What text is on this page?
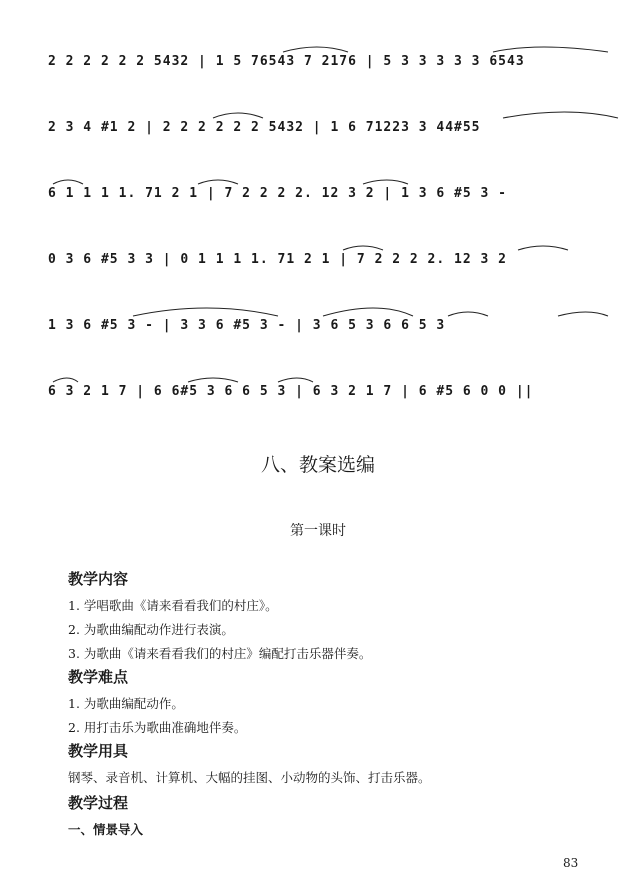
2 2 2 2 2 2 5432 | 1 5 76543 7 2176 | 5 3 3 3 3 3 6543
2 3 4 #1 2 | 2 2 2 2 2 2 5432 | 1 6 71223 3 44#55
6 1 1 1 1. 71 2 1 | 7 2 2 2 2. 12 3 2 | 1 3 6 #5 3 -
0 3 6 #5 3 3 | 0 1 1 1 1. 71 2 1 | 7 2 2 2 2. 12 3 2
1 3 6 #5 3 - | 3 3 6 #5 3 - | 3 6 5 3 6 6 5 3
6 3 2 1 7 | 6 6#5 3 6 6 5 3 | 6 3 2 1 7 | 6 #5 6 0 0 ||
八、教案选编
第一课时
教学内容
1. 学唱歌曲《请来看看我们的村庄》。
2. 为歌曲编配动作进行表演。
3. 为歌曲《请来看看我们的村庄》编配打击乐器伴奏。
教学难点
1. 为歌曲编配动作。
2. 用打击乐为歌曲准确地伴奏。
教学用具
钢琴、录音机、计算机、大幅的挂图、小动物的头饰、打击乐器。
教学过程
一、情景导入
83
